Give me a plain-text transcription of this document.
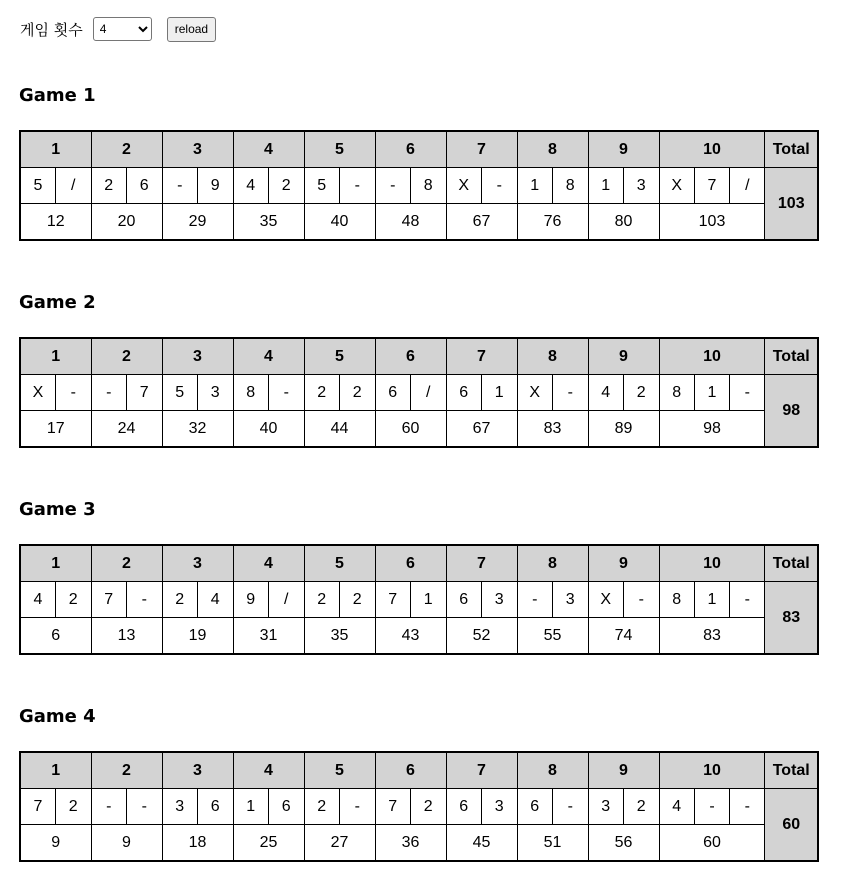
게임 횟수
4	reload
Game 1
1		2		3		4		5		6		7		8		9		10			Total
5	/	2	6	-	9	4	2	5	-	-	8	X	-	1	8	1	3	X	7	/	103
12		20		29		35		40		48		67		76		80		103			
Game 2
1		2		3		4		5		6		7		8		9		10			Total
X	-	-	7	5	3	8	-	2	2	6	/	6	1	X	-	4	2	8	1	-	98
17		24		32		40		44		60		67		83		89		98			
Game 3
1		2		3		4		5		6		7		8		9		10			Total
4	2	7	-	2	4	9	/	2	2	7	1	6	3	-	3	X	-	8	1	-	83
6		13		19		31		35		43		52		55		74		83			
Game 4
1		2		3		4		5		6		7		8		9		10			Total
7	2	-	-	3	6	1	6	2	-	7	2	6	3	6	-	3	2	4	-	-	60
9		9		18		25		27		36		45		51		56		60			
